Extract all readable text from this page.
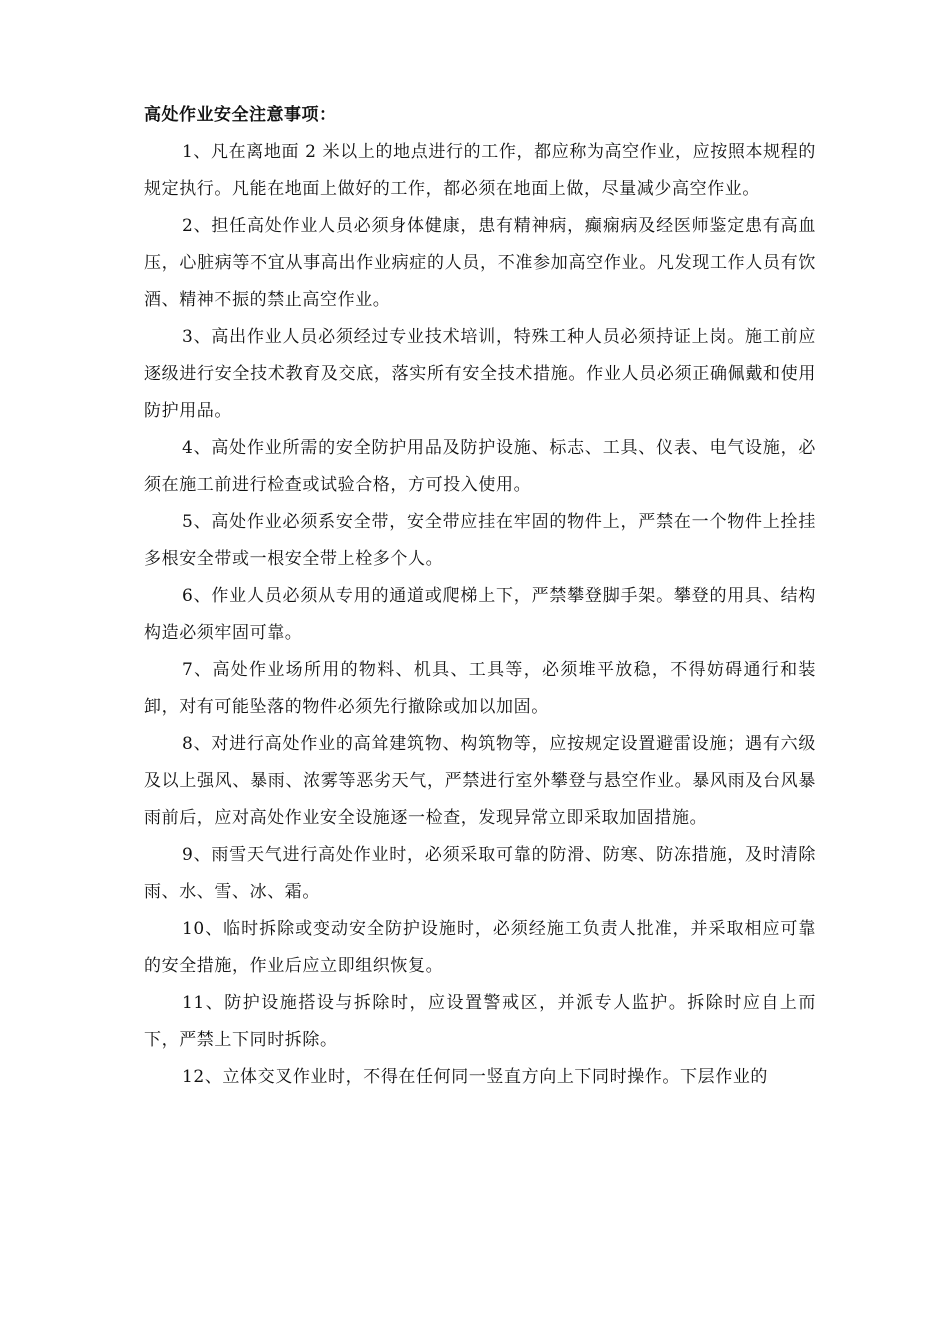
高处作业安全注意事项：

1、凡在离地面 2 米以上的地点进行的工作，都应称为高空作业，应按照本规程的规定执行。凡能在地面上做好的工作，都必须在地面上做，尽量减少高空作业。

2、担任高处作业人员必须身体健康，患有精神病，癫痫病及经医师鉴定患有高血压，心脏病等不宜从事高出作业病症的人员，不准参加高空作业。凡发现工作人员有饮酒、精神不振的禁止高空作业。

3、高出作业人员必须经过专业技术培训，特殊工种人员必须持证上岗。施工前应逐级进行安全技术教育及交底，落实所有安全技术措施。作业人员必须正确佩戴和使用防护用品。

4、高处作业所需的安全防护用品及防护设施、标志、工具、仪表、电气设施，必须在施工前进行检查或试验合格，方可投入使用。

5、高处作业必须系安全带，安全带应挂在牢固的物件上，严禁在一个物件上拴挂多根安全带或一根安全带上栓多个人。

6、作业人员必须从专用的通道或爬梯上下，严禁攀登脚手架。攀登的用具、结构构造必须牢固可靠。

7、高处作业场所用的物料、机具、工具等，必须堆平放稳，不得妨碍通行和装卸，对有可能坠落的物件必须先行撤除或加以加固。

8、对进行高处作业的高耸建筑物、构筑物等，应按规定设置避雷设施；遇有六级及以上强风、暴雨、浓雾等恶劣天气，严禁进行室外攀登与悬空作业。暴风雨及台风暴雨前后，应对高处作业安全设施逐一检查，发现异常立即采取加固措施。

9、雨雪天气进行高处作业时，必须采取可靠的防滑、防寒、防冻措施，及时清除雨、水、雪、冰、霜。

10、临时拆除或变动安全防护设施时，必须经施工负责人批准，并采取相应可靠的安全措施，作业后应立即组织恢复。

11、防护设施搭设与拆除时，应设置警戒区，并派专人监护。拆除时应自上而下，严禁上下同时拆除。

12、立体交叉作业时，不得在任何同一竖直方向上下同时操作。下层作业的
